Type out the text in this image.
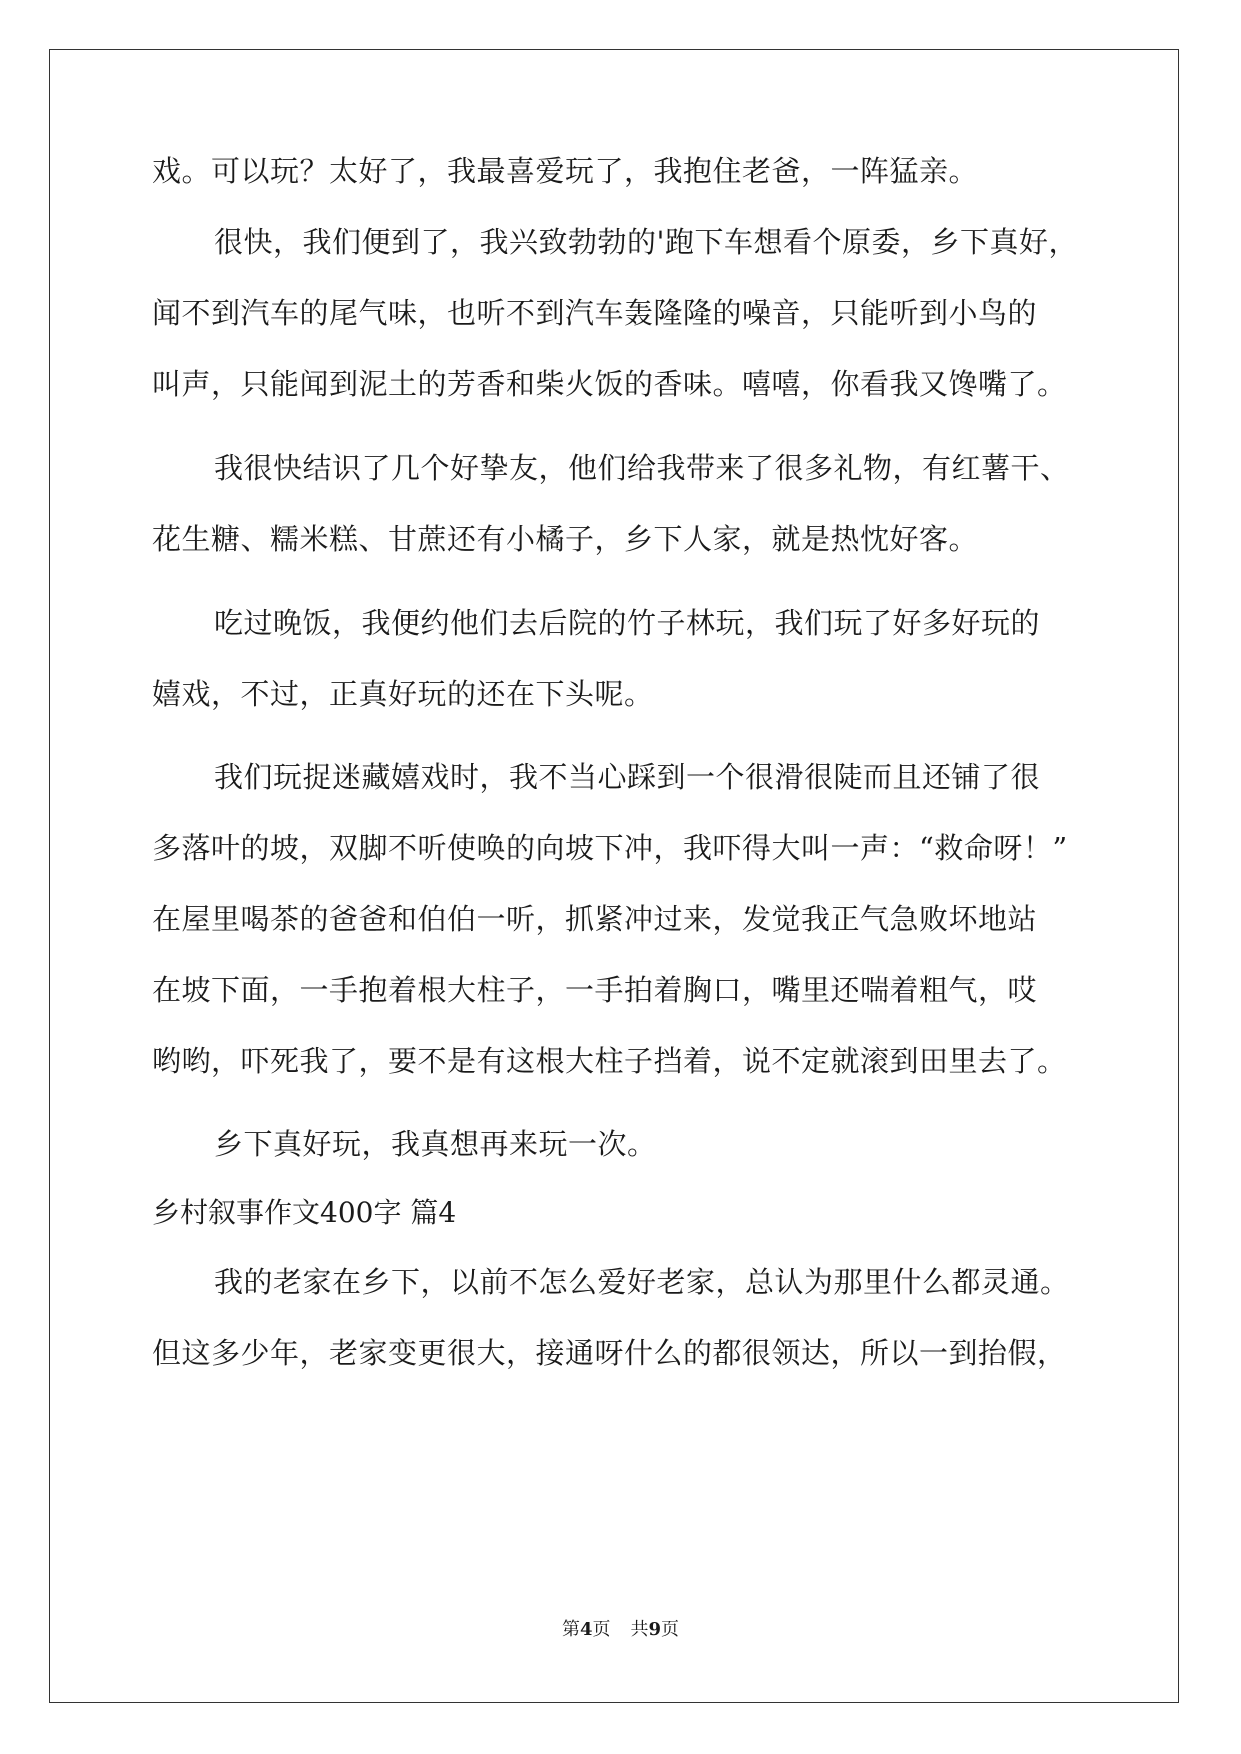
戏。可以玩？太好了，我最喜爱玩了，我抱住老爸，一阵猛亲。

很快，我们便到了，我兴致勃勃的'跑下车想看个原委，乡下真好，

闻不到汽车的尾气味，也听不到汽车轰隆隆的噪音，只能听到小鸟的

叫声，只能闻到泥土的芳香和柴火饭的香味。嘻嘻，你看我又馋嘴了。

我很快结识了几个好挚友，他们给我带来了很多礼物，有红薯干、

花生糖、糯米糕、甘蔗还有小橘子，乡下人家，就是热忱好客。

吃过晚饭，我便约他们去后院的竹子林玩，我们玩了好多好玩的

嬉戏，不过，正真好玩的还在下头呢。

我们玩捉迷藏嬉戏时，我不当心踩到一个很滑很陡而且还铺了很

多落叶的坡，双脚不听使唤的向坡下冲，我吓得大叫一声：“救命呀！”

在屋里喝茶的爸爸和伯伯一听，抓紧冲过来，发觉我正气急败坏地站

在坡下面，一手抱着根大柱子，一手拍着胸口，嘴里还喘着粗气，哎

哟哟，吓死我了，要不是有这根大柱子挡着，说不定就滚到田里去了。

乡下真好玩，我真想再来玩一次。

乡村叙事作文400字 篇4

我的老家在乡下，以前不怎么爱好老家，总认为那里什么都灵通。

但这多少年，老家变更很大，接通呀什么的都很领达，所以一到抬假，

第4页 共9页
